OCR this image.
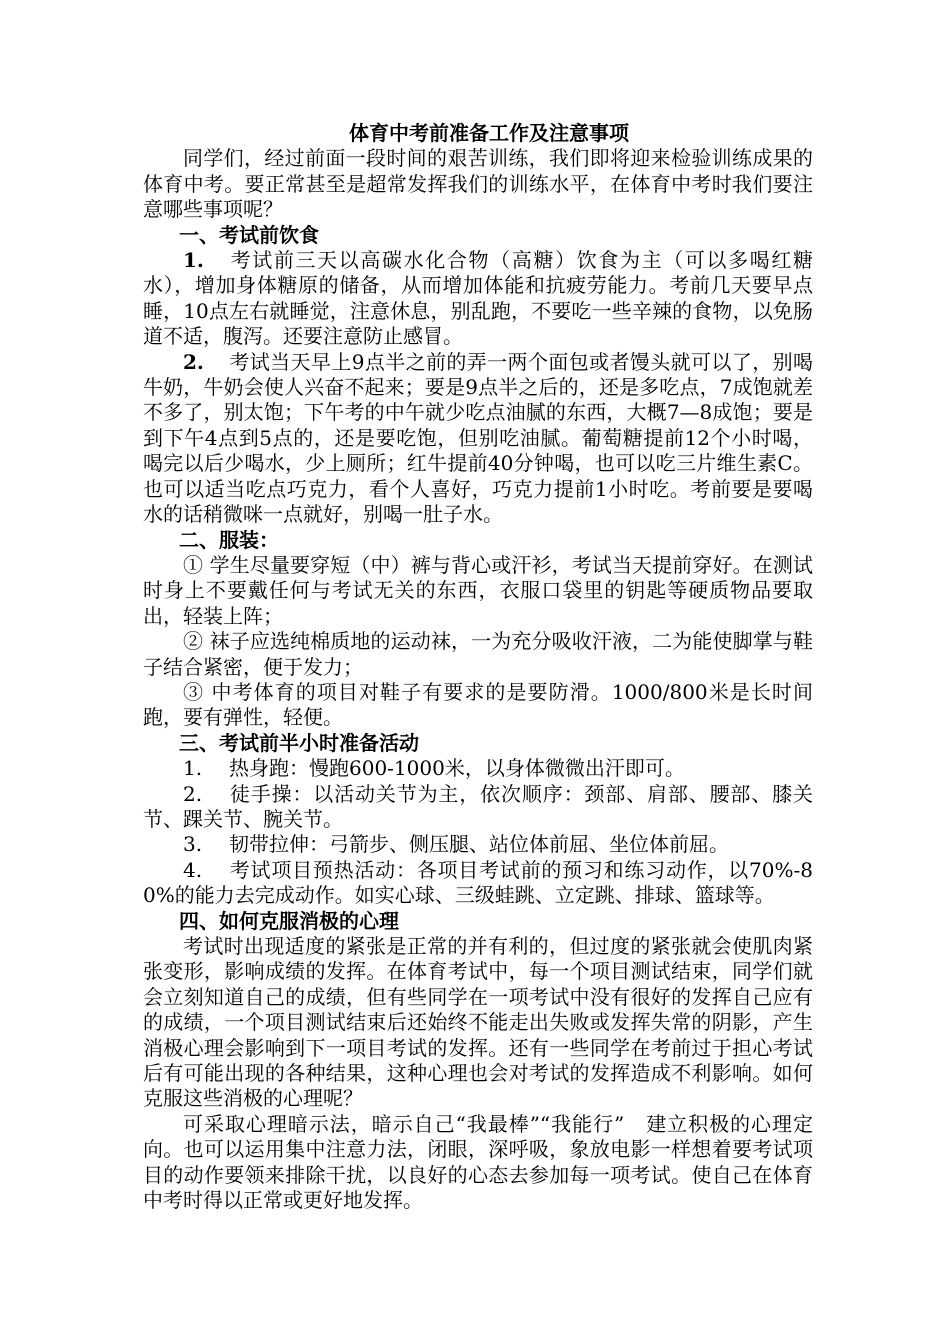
体育中考前准备工作及注意事项

同学们，经过前面一段时间的艰苦训练，我们即将迎来检验训练成果的体育中考。要正常甚至是超常发挥我们的训练水平，在体育中考时我们要注意哪些事项呢？

一、考试前饮食

1. 考试前三天以高碳水化合物（高糖）饮食为主（可以多喝红糖水），增加身体糖原的储备，从而增加体能和抗疲劳能力。考前几天要早点睡，10点左右就睡觉，注意休息，别乱跑，不要吃一些辛辣的食物，以免肠道不适，腹泻。还要注意防止感冒。

2. 考试当天早上9点半之前的弄一两个面包或者馒头就可以了，别喝牛奶，牛奶会使人兴奋不起来；要是9点半之后的，还是多吃点，7成饱就差不多了，别太饱；下午考的中午就少吃点油腻的东西，大概7—8成饱；要是到下午4点到5点的，还是要吃饱，但别吃油腻。葡萄糖提前12个小时喝，喝完以后少喝水，少上厕所；红牛提前40分钟喝，也可以吃三片维生素C。也可以适当吃点巧克力，看个人喜好，巧克力提前1小时吃。考前要是要喝水的话稍微咪一点就好，别喝一肚子水。

二、服装：

① 学生尽量要穿短（中）裤与背心或汗衫，考试当天提前穿好。在测试时身上不要戴任何与考试无关的东西，衣服口袋里的钥匙等硬质物品要取出，轻装上阵；

② 袜子应选纯棉质地的运动袜，一为充分吸收汗液，二为能使脚掌与鞋子结合紧密，便于发力；

③ 中考体育的项目对鞋子有要求的是要防滑。1000/800米是长时间跑，要有弹性，轻便。

三、考试前半小时准备活动

1. 热身跑：慢跑600-1000米，以身体微微出汗即可。

2. 徒手操：以活动关节为主，依次顺序：颈部、肩部、腰部、膝关节、踝关节、腕关节。

3. 韧带拉伸：弓箭步、侧压腿、站位体前屈、坐位体前屈。

4. 考试项目预热活动：各项目考试前的预习和练习动作，以70%-80%的能力去完成动作。如实心球、三级蛙跳、立定跳、排球、篮球等。

四、如何克服消极的心理

考试时出现适度的紧张是正常的并有利的，但过度的紧张就会使肌肉紧张变形，影响成绩的发挥。在体育考试中，每一个项目测试结束，同学们就会立刻知道自己的成绩，但有些同学在一项考试中没有很好的发挥自己应有的成绩，一个项目测试结束后还始终不能走出失败或发挥失常的阴影，产生消极心理会影响到下一项目考试的发挥。还有一些同学在考前过于担心考试后有可能出现的各种结果，这种心理也会对考试的发挥造成不利影响。如何克服这些消极的心理呢？

可采取心理暗示法，暗示自己“我最棒”“我能行”　建立积极的心理定向。也可以运用集中注意力法，闭眼，深呼吸，象放电影一样想着要考试项目的动作要领来排除干扰，以良好的心态去参加每一项考试。使自己在体育中考时得以正常或更好地发挥。
